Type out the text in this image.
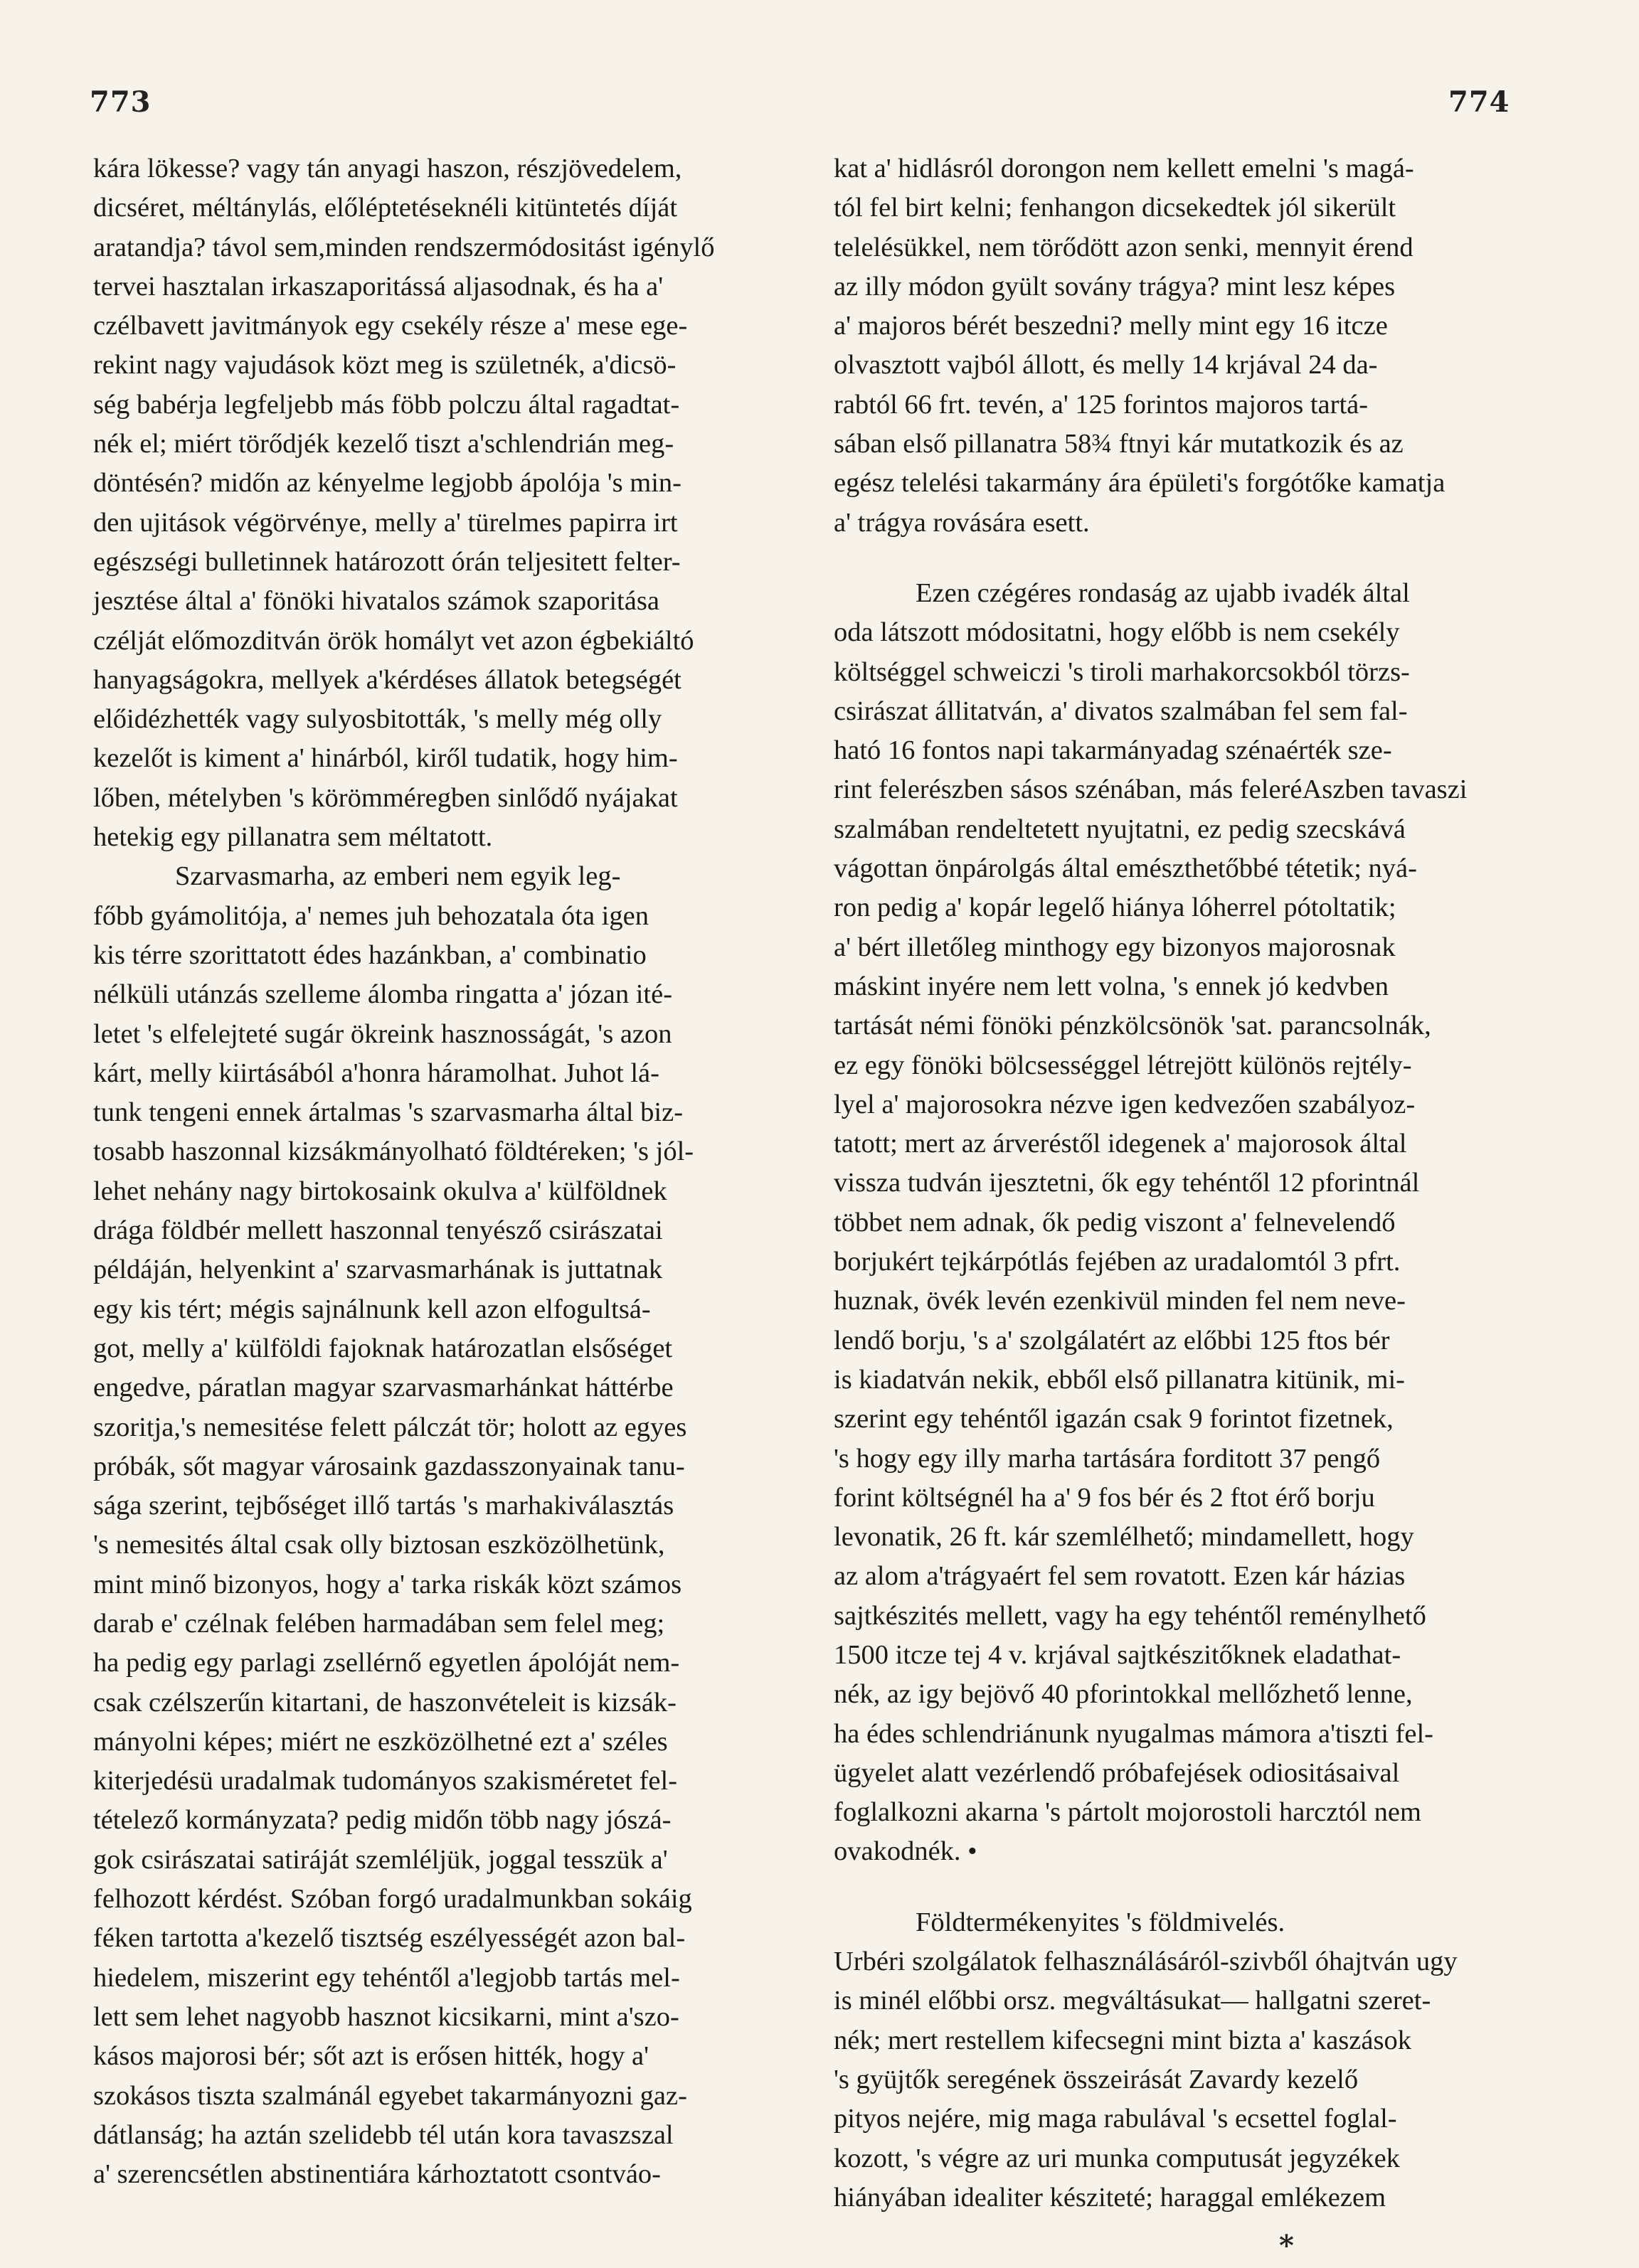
773	774

kára lökesse? vagy tán anyagi haszon, részjövedelem,
dicséret, méltánylás, előléptetéseknéli kitüntetés díját
aratandja? távol sem,minden rendszermódositást igénylő
tervei hasztalan irkaszaporitássá aljasodnak, és ha a'
czélbavett javitmányok egy csekély része a' mese ege-
rekint nagy vajudások közt meg is születnék, a'dicsö-
ség babérja legfeljebb más föbb polczu által ragadtat-
nék el; miért törődjék kezelő tiszt a'schlendrián meg-
döntésén? midőn az kényelme legjobb ápolója 's min-
den ujitások végörvénye, melly a' türelmes papirra irt
egészségi bulletinnek határozott órán teljesitett felter-
jesztése által a' fönöki hivatalos számok szaporitása
czélját előmozditván örök homályt vet azon égbekiáltó
hanyagságokra, mellyek a'kérdéses állatok betegségét
előidézhették vagy sulyosbitották, 's melly még olly
kezelőt is kiment a' hinárból, kiről tudatik, hogy him-
lőben, mételyben 's körömméregben sinlődő nyájakat
hetekig egy pillanatra sem méltatott.

Szarvasmarha, az emberi nem egyik leg-
főbb gyámolitója, a' nemes juh behozatala óta igen
kis térre szorittatott édes hazánkban, a' combinatio
nélküli utánzás szelleme álomba ringatta a' józan ité-
letet 's elfelejteté sugár ökreink hasznosságát, 's azon
kárt, melly kiirtásából a'honra háramolhat. Juhot lá-
tunk tengeni ennek ártalmas 's szarvasmarha által biz-
tosabb haszonnal kizsákmányolható földtéreken; 's jól-
lehet nehány nagy birtokosaink okulva a' külföldnek
drága földbér mellett haszonnal tenyésző csirászatai
példáján, helyenkint a' szarvasmarhának is juttatnak
egy kis tért; mégis sajnálnunk kell azon elfogultsá-
got, melly a' külföldi fajoknak határozatlan elsőséget
engedve, páratlan magyar szarvasmarhánkat háttérbe
szoritja,'s nemesitése felett pálczát tör; holott az egyes
próbák, sőt magyar városaink gazdasszonyainak tanu-
sága szerint, tejbőséget illő tartás 's marhakiválasztás
's nemesités által csak olly biztosan eszközölhetünk,
mint minő bizonyos, hogy a' tarka riskák közt számos
darab e' czélnak felében harmadában sem felel meg;
ha pedig egy parlagi zsellérnő egyetlen ápolóját nem-
csak czélszerűn kitartani, de haszonvételeit is kizsák-
mányolni képes; miért ne eszközölhetné ezt a' széles
kiterjedésü uradalmak tudományos szakisméretet fel-
tételező kormányzata? pedig midőn több nagy jószá-
gok csirászatai satiráját szemléljük, joggal tesszük a'
felhozott kérdést. Szóban forgó uradalmunkban sokáig
féken tartotta a'kezelő tisztség eszélyességét azon bal-
hiedelem, miszerint egy tehéntől a'legjobb tartás mel-
lett sem lehet nagyobb hasznot kicsikarni, mint a'szo-
kásos majorosi bér; sőt azt is erősen hitték, hogy a'
szokásos tiszta szalmánál egyebet takarmányozni gaz-
dátlanság; ha aztán szelidebb tél után kora tavaszszal
a' szerencsétlen abstinentiára kárhoztatott csontváo-

kat a' hidlásról dorongon nem kellett emelni 's magá-
tól fel birt kelni; fenhangon dicsekedtek jól sikerült
telelésükkel, nem törődött azon senki, mennyit érend
az illy módon gyült sovány trágya? mint lesz képes
a' majoros bérét beszedni? melly mint egy 16 itcze
olvasztott vajból állott, és melly 14 krjával 24 da-
rabtól 66 frt. tevén, a' 125 forintos majoros tartá-
sában első pillanatra 58¾ ftnyi kár mutatkozik és az
egész telelési takarmány ára épületi's forgótőke kamatja
a' trágya rovására esett.

Ezen czégéres rondaság az ujabb ivadék által
oda látszott módositatni, hogy előbb is nem csekély
költséggel schweiczi 's tiroli marhakorcsokból törzs-
csirászat állitatván, a' divatos szalmában fel sem fal-
ható 16 fontos napi takarmányadag szénaérték sze-
rint felerészben sásos szénában, más feleréAszben tavaszi
szalmában rendeltetett nyujtatni, ez pedig szecskává
vágottan önpárolgás által emészthetőbbé tétetik; nyá-
ron pedig a' kopár legelő hiánya lóherrel pótoltatik;
a' bért illetőleg minthogy egy bizonyos majorosnak
máskint inyére nem lett volna, 's ennek jó kedvben
tartását némi fönöki pénzkölcsönök 'sat. parancsolnák,
ez egy fönöki bölcsességgel létrejött különös rejtély-
lyel a' majorosokra nézve igen kedvezően szabályoz-
tatott; mert az árveréstől idegenek a' majorosok által
vissza tudván ijesztetni, ők egy tehéntől 12 pforintnál
többet nem adnak, ők pedig viszont a' felnevelendő
borjukért tejkárpótlás fejében az uradalomtól 3 pfrt.
huznak, övék levén ezenkivül minden fel nem neve-
lendő borju, 's a' szolgálatért az előbbi 125 ftos bér
is kiadatván nekik, ebből első pillanatra kitünik, mi-
szerint egy tehéntől igazán csak 9 forintot fizetnek,
's hogy egy illy marha tartására forditott 37 pengő
forint költségnél ha a' 9 fos bér és 2 ftot érő borju
levonatik, 26 ft. kár szemlélhető; mindamellett, hogy
az alom a'trágyaért fel sem rovatott. Ezen kár házias
sajtkészités mellett, vagy ha egy tehéntől reménylhető
1500 itcze tej 4 v. krjával sajtkészitőknek eladathat-
nék, az igy bejövő 40 pforintokkal mellőzhető lenne,
ha édes schlendriánunk nyugalmas mámora a'tiszti fel-
ügyelet alatt vezérlendő próbafejések odiositásaival
foglalkozni akarna 's pártolt mojorostoli harcztól nem
ovakodnék. •

Földtermékenyites 's földmivelés.
Urbéri szolgálatok felhasználásáról-szivből óhajtván ugy
is minél előbbi orsz. megváltásukat— hallgatni szeret-
nék; mert restellem kifecsegni mint bizta a' kaszások
's gyüjtők seregének összeirását Zavardy kezelő
pityos nejére, mig maga rabulával 's ecsettel foglal-
kozott, 's végre az uri munka computusát jegyzékek
hiányában idealiter késziteté; haraggal emlékezem

*
